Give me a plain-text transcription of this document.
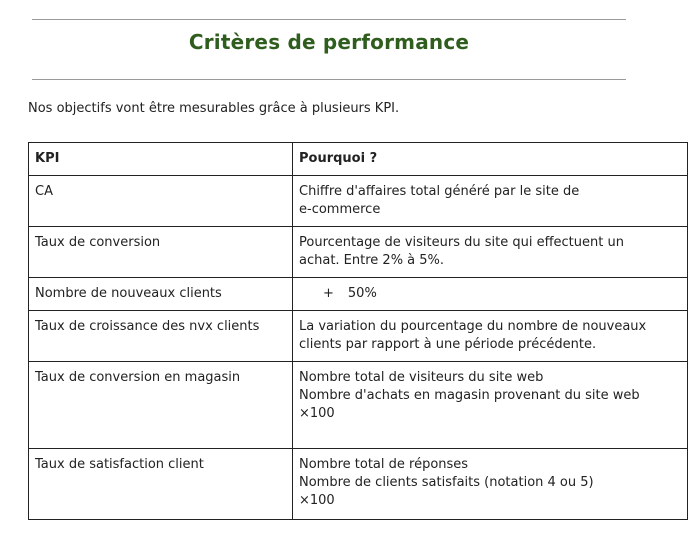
Critères de performance

Nos objectifs vont être mesurables grâce à plusieurs KPI.

KPI	Pourquoi ?
CA	Chiffre d'affaires total généré par le site de
e-commerce

Taux de conversion	Pourcentage de visiteurs du site qui effectuent un
achat. Entre 2% à 5%.

Nombre de nouveaux clients	+ 50%
Taux de croissance des nvx clients	La variation du pourcentage du nombre de nouveaux
clients par rapport à une période précédente.

Taux de conversion en magasin	Nombre total de visiteurs du site web
Nombre d'achats en magasin provenant du site web
×100

Taux de satisfaction client	Nombre total de réponses
Nombre de clients satisfaits (notation 4 ou 5)
×100
